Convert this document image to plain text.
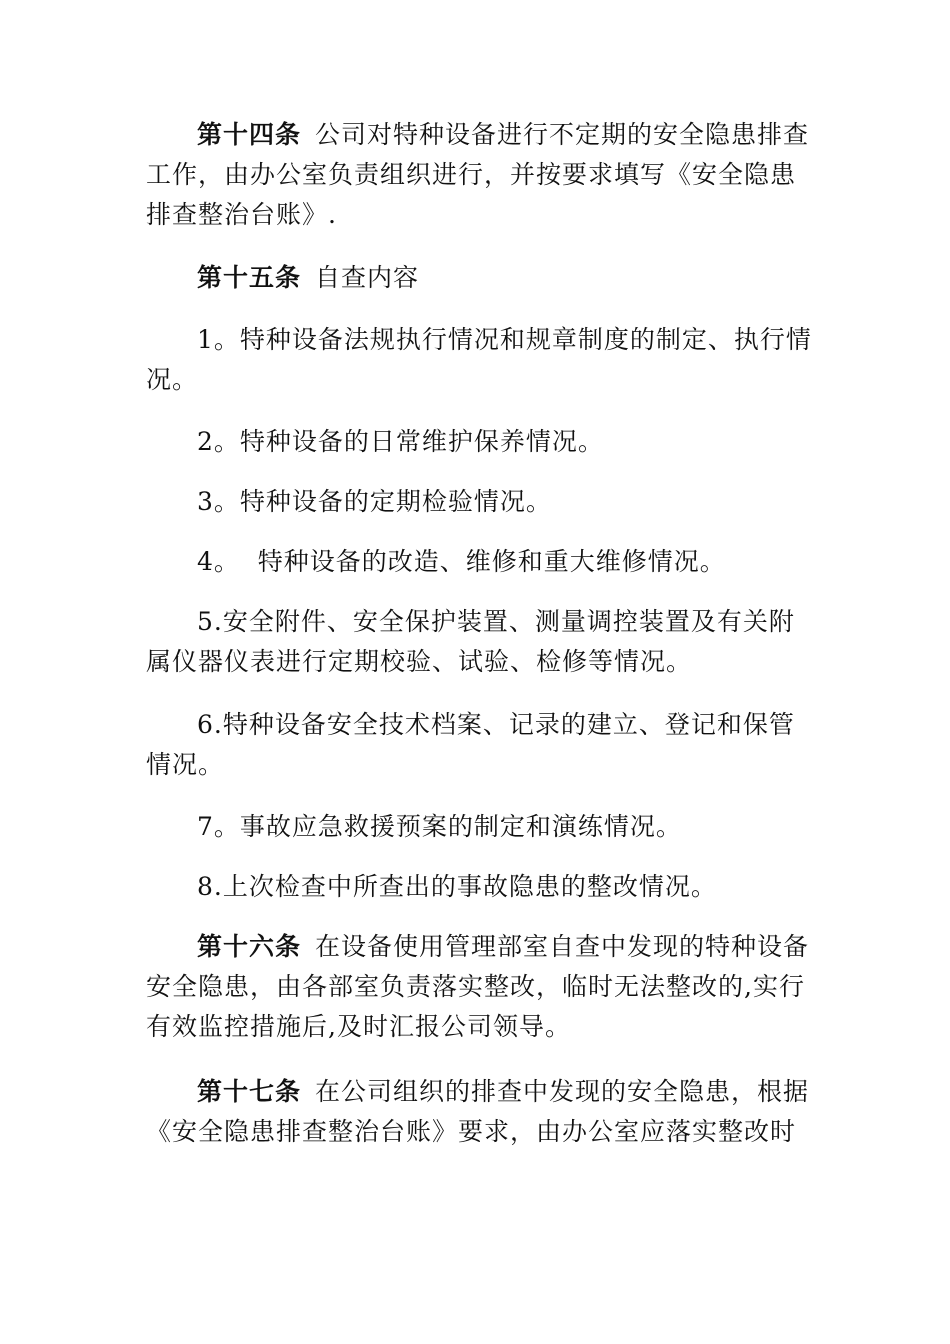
第十四条 公司对特种设备进行不定期的安全隐患排查
工作，由办公室负责组织进行，并按要求填写《安全隐患
排查整治台账》.
第十五条 自查内容
1。特种设备法规执行情况和规章制度的制定、执行情
况。
2。特种设备的日常维护保养情况。
3。特种设备的定期检验情况。
4。  特种设备的改造、维修和重大维修情况。
5.安全附件、安全保护装置、测量调控装置及有关附
属仪器仪表进行定期校验、试验、检修等情况。
6.特种设备安全技术档案、记录的建立、登记和保管
情况。
7。事故应急救援预案的制定和演练情况。
8.上次检查中所查出的事故隐患的整改情况。
第十六条 在设备使用管理部室自查中发现的特种设备
安全隐患，由各部室负责落实整改，临时无法整改的,实行
有效监控措施后,及时汇报公司领导。
第十七条 在公司组织的排查中发现的安全隐患，根据
《安全隐患排查整治台账》要求，由办公室应落实整改时
